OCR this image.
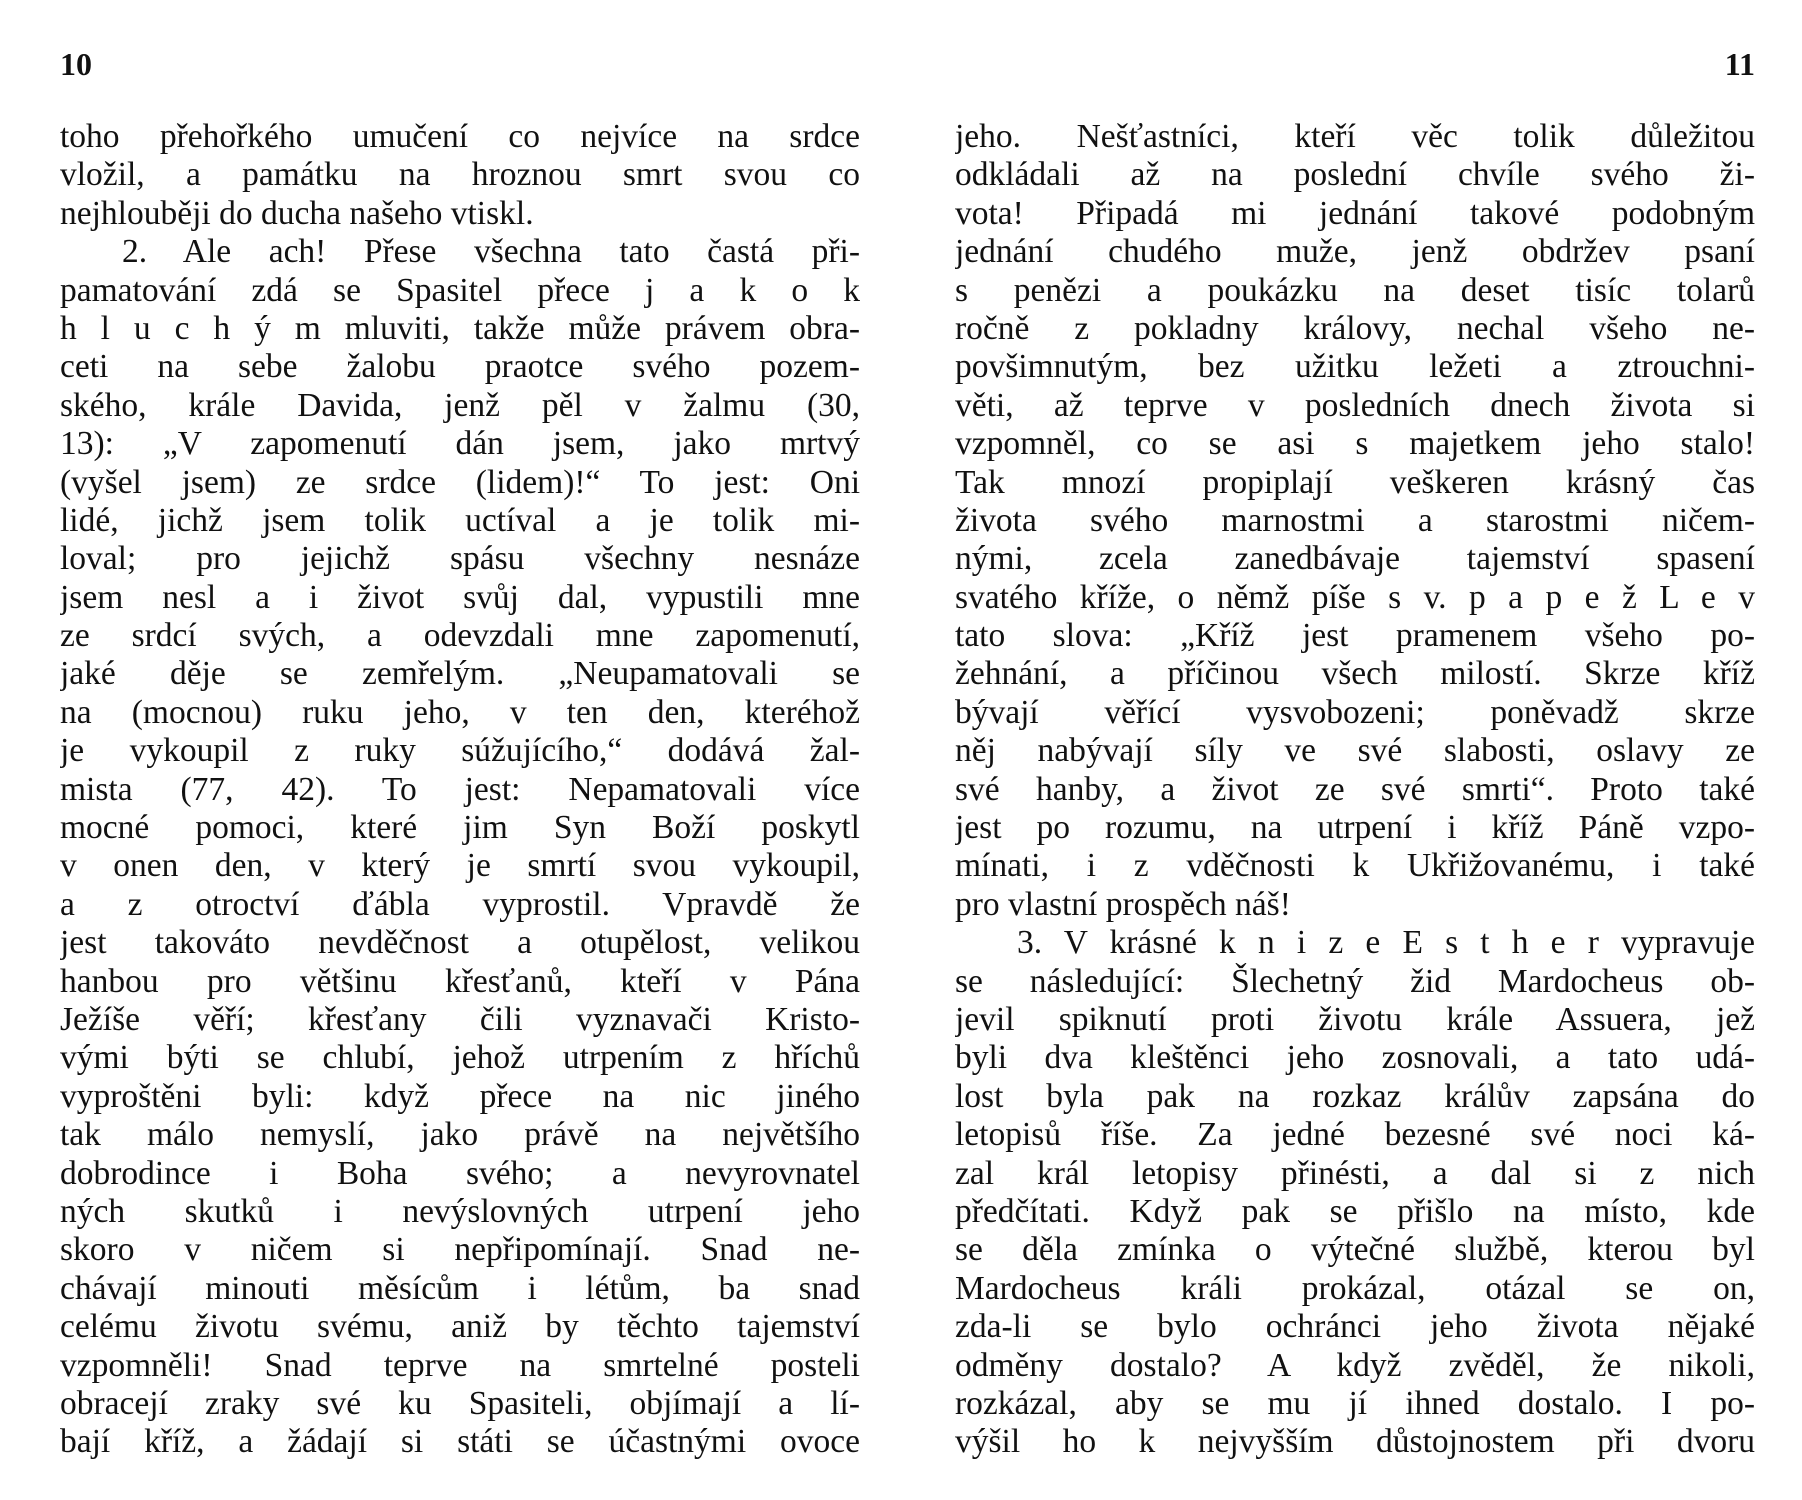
10
toho přehořkého umučení co nejvíce na srdce
vložil, a památku na hroznou smrt svou co
nejhlouběji do ducha našeho vtiskl.
2. Ale ach! Přese všechna tato častá při-
pamatování zdá se Spasitel přece j a k o k
h l u c h ý m mluviti, takže může právem obra-
ceti na sebe žalobu praotce svého pozem-
ského, krále Davida, jenž pěl v žalmu (30,
13): „V zapomenutí dán jsem, jako mrtvý
(vyšel jsem) ze srdce (lidem)!“ To jest: Oni
lidé, jichž jsem tolik uctíval a je tolik mi-
loval; pro jejichž spásu všechny nesnáze
jsem nesl a i život svůj dal, vypustili mne
ze srdcí svých, a odevzdali mne zapomenutí,
jaké děje se zemřelým. „Neupamatovali se
na (mocnou) ruku jeho, v ten den, kteréhož
je vykoupil z ruky súžujícího,“ dodává žal-
mista (77, 42). To jest: Nepamatovali více
mocné pomoci, které jim Syn Boží poskytl
v onen den, v který je smrtí svou vykoupil,
a z otroctví ďábla vyprostil. Vpravdě že
jest takováto nevděčnost a otupělost, velikou
hanbou pro většinu křesťanů, kteří v Pána
Ježíše věří; křesťany čili vyznavači Kristo-
vými býti se chlubí, jehož utrpením z hříchů
vyproštěni byli: když přece na nic jiného
tak málo nemyslí, jako právě na největšího
dobrodince i Boha svého; a nevyrovnatel
ných skutků i nevýslovných utrpení jeho
skoro v ničem si nepřipomínají. Snad ne-
chávají minouti měsícům i létům, ba snad
celému životu svému, aniž by těchto tajemství
vzpomněli! Snad teprve na smrtelné posteli
obracejí zraky své ku Spasiteli, objímají a lí-
bají kříž, a žádají si státi se účastnými ovoce
11
jeho. Nešťastníci, kteří věc tolik důležitou
odkládali až na poslední chvíle svého ži-
vota! Připadá mi jednání takové podobným
jednání chudého muže, jenž obdržev psaní
s penězi a poukázku na deset tisíc tolarů
ročně z pokladny královy, nechal všeho ne-
povšimnutým, bez užitku ležeti a ztrouchni-
věti, až teprve v posledních dnech života si
vzpomněl, co se asi s majetkem jeho stalo!
Tak mnozí propiplají veškeren krásný čas
života svého marnostmi a starostmi ničem-
nými, zcela zanedbávaje tajemství spasení
svatého kříže, o němž píše s v. p a p e ž L e v
tato slova: „Kříž jest pramenem všeho po-
žehnání, a příčinou všech milostí. Skrze kříž
bývají věřící vysvobozeni; poněvadž skrze
něj nabývají síly ve své slabosti, oslavy ze
své hanby, a život ze své smrti“. Proto také
jest po rozumu, na utrpení i kříž Páně vzpo-
mínati, i z vděčnosti k Ukřižovanému, i také
pro vlastní prospěch náš!
3. V krásné k n i z e E s t h e r vypravuje
se následující: Šlechetný žid Mardocheus ob-
jevil spiknutí proti životu krále Assuera, jež
byli dva kleštěnci jeho zosnovali, a tato udá-
lost byla pak na rozkaz králův zapsána do
letopisů říše. Za jedné bezesné své noci ká-
zal král letopisy přinésti, a dal si z nich
předčítati. Když pak se přišlo na místo, kde
se děla zmínka o výtečné službě, kterou byl
Mardocheus králi prokázal, otázal se on,
zda-li se bylo ochránci jeho života nějaké
odměny dostalo? A když zvěděl, že nikoli,
rozkázal, aby se mu jí ihned dostalo. I po-
výšil ho k nejvyšším důstojnostem při dvoru
